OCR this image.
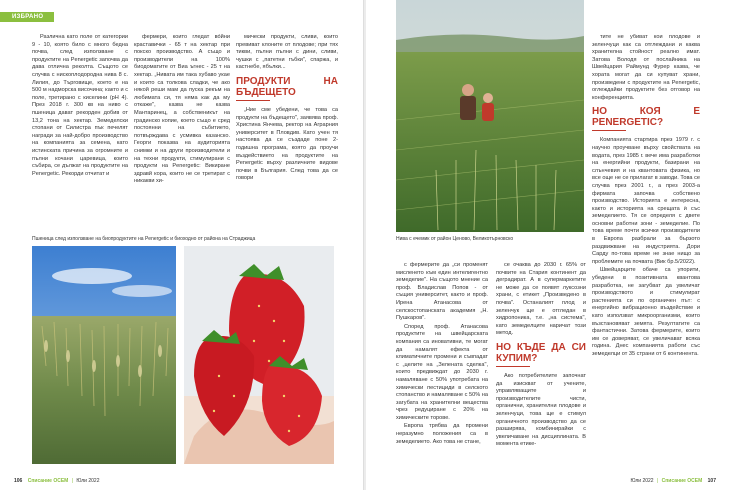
ИЗБРАНО

Различна като поле от категории 9 - 10, която било с много бедна почва, след използване с продуктите на Penergetic започва да дава отлична реколта. Същото се случва с нископлодородна нива 8 с. Лилия, до Търговище, което е на 500 м надморска височина; както и с поле, третирано с киселини (рН 4). През 2018 г. 300 кв на ниво с пшеница дават рекорден добив от 13,2 тона на хектар. Земеделски стопани от Силистра пък печелят награди за най-добро производство на компанията за семена, като истинската причина за огромните и пълни кочани царевица, които събира, се дължат на продуктите на Penergetic. Рекорди отчитат и

фермери, които гледат вóйни краставички - 65 т на хектар при покско производство. А също и производители на 100% биодоматите от Виа ъгнес - 25 т на хектар. „Нивата им така хубаво укае и които са толкова сладки, че ако някой реши мам да пуска рекъм на любимата си, тя няма как да му откаже", казва не казва Мантаринец, а собственикът на градинско копие, което също е сред постоянни на събитието, потвърждава с усмивка казанско. Георги показва на аудиторията снимки и на други производители и на техни продукти, стимулирани с продукти на Penergetic: Викиране здравй кора, които не се третират с никакви хи-

мически продукти, сливи, които превиват клоните от плодове; при тях тикви, пълни пълни с дини, сливи, чушки с „патетни гъбки", спаржа, и кастнебе, ябълки...

ПРОДУКТИ НА БЪДЕЩЕТО

„Ние сме убедени, че това са продукти на бъдещето", заявява проф. Христина Янчева, ректор на Аграрния университет в Пловдив. Като учен тя настоява да се създаде поне 2-годишна програма, която да проучи въздействието на продуктите на Penergetic върху различните видове почви в България. След това да се говори

Пшеница след използване на биопродуктите на Penergetic и биоходно от района на Страджица
106 Списание ОСЕМ | Юли 2022
Нива с ечемик от район Ценово, Великотърновско

тите не убиват кои плодове и зеленчуци как са отглеждани и каква хранителна стойност реално имат. Затова Володя от послайника на Швейцария Раймунд Фурер казва, че хората могат да си купуват храни, произведени с продуктите на Penergetic, оглеждайки продуктите без отговор на конференцията.

НО КОЯ Е PENERGETIC?

Компанията стартира през 1979 г. с научно проучване върху свойствата на водата, през 1985 г. вече има разработки на енергийни продукти, базирани на слънчевия и на квантовата физика, но все още не се прилагат в заводи. Това се случва през 2001 г., а през 2003-а фирмата започва собствено производство. Историята е интересна, както и историята на срещата ѝ със земеделието. Тя се определя с двете основни работни зони - земеделие. По това време почти всички производители в Европа разбрали за бързото раздвижване на индустрията. Дори Сарду по-това време не знае нищо за проблемите на почвата (Вик бр.5/2022).

Швейцарците обаче са упорити, убедени в позитивната квантова разработка, не загубват да увеличат производството и стимулират растенията си по органичен път: с енергийно вибрационно въздействие и като използват микроорганизми, които възстановяват земята. Резултатите са фантастични. Затова фермерите, които им се доверяват, се увеличават всяка година. Днес компанията работи със земеделци от 35 страни от 6 континента.

с фермерите да „си променят мисленето към един интелигентно земеделие". На същото мнение са проф. Владислав Попов - от същия университет, както и проф. Ирена Атанасова от селскостопанската академия „Н. Пушкаров".

Според проф. Атанасова продуктите на швейцарската компания са иновативни, те могат да намалят ефекта от климатичните промени и съвпадат с „целите на „Зелената сделка", които предвиждат до 2030 г. намаляване с 50% употребата на химически пестициди в селското стопанство и намаляване с 50% на загубата на хранителни вещества чрез редуциране с 20% на химическите торове.

Европа трябва да промени неразумно положения са в земеделието. Ако това не стане,

се очаква до 2030 г. 65% от почвите на Стария континент да деградират. А в супермаркетите не може да се появят луксозни храни, с етикет „Произведено в почва". Останалият плод и зеленчук ще е отгледан в хидропоника, т.е. „на система", като земеделците наричат този метод.

НО КЪДЕ ДА СИ КУПИМ?

Ако потребителите започнат да изискват от учените, управляващите и производителите чисти, органични, хранителни плодове и зеленчуци, това ще е стимул органичното производство да се разширява, комбинирайки с увеличаване на дисциплината. В момента етике-

Юли 2022 | Списание ОСЕМ 107
